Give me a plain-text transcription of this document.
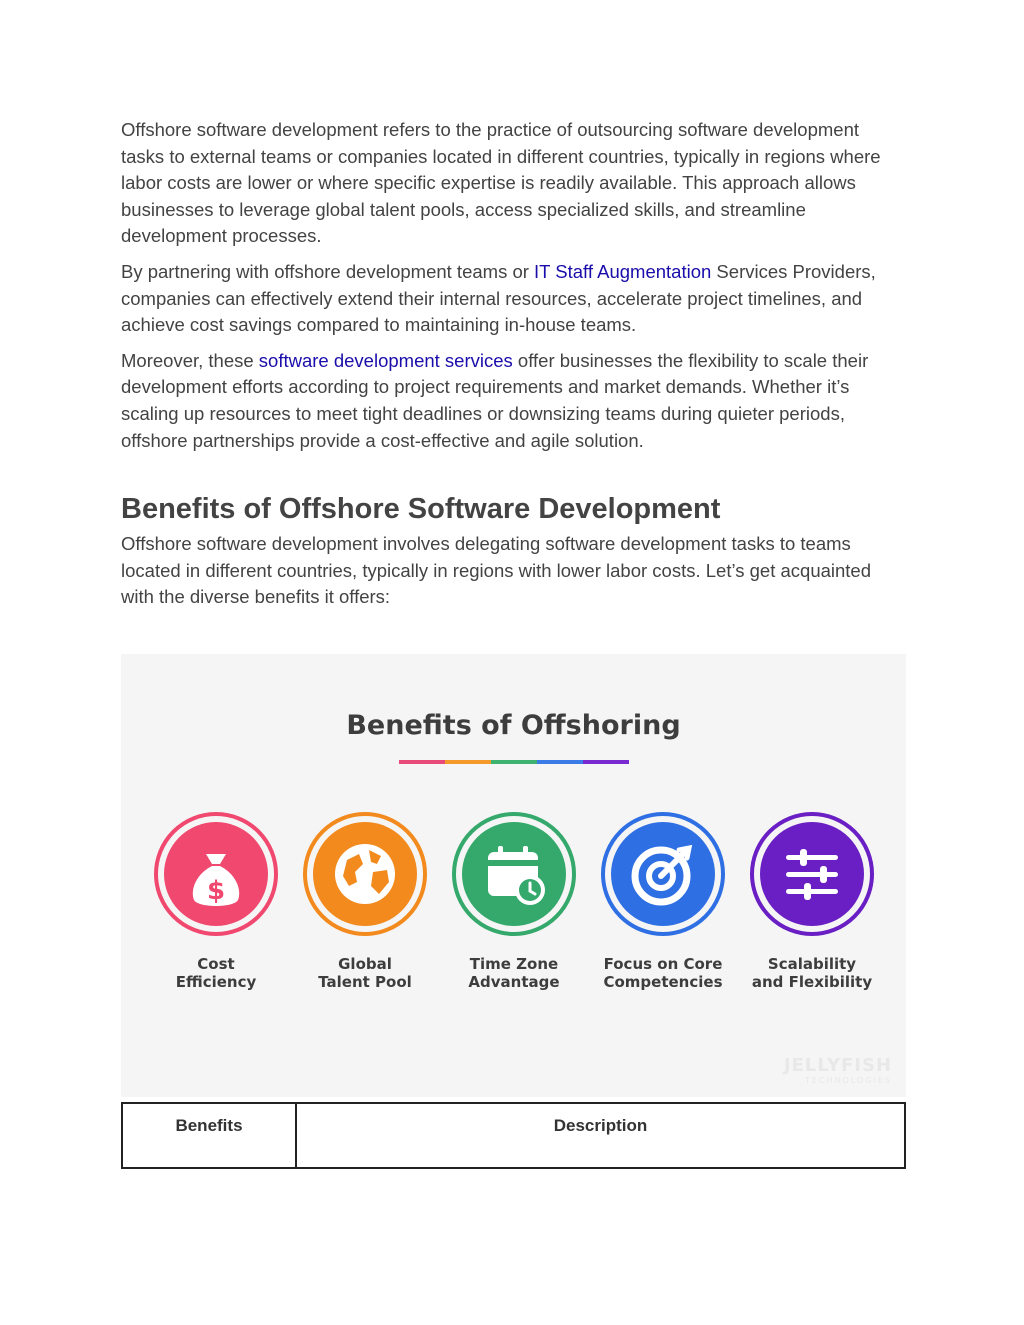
Offshore software development refers to the practice of outsourcing software development tasks to external teams or companies located in different countries, typically in regions where labor costs are lower or where specific expertise is readily available. This approach allows businesses to leverage global talent pools, access specialized skills, and streamline development processes.

By partnering with offshore development teams or IT Staff Augmentation Services Providers, companies can effectively extend their internal resources, accelerate project timelines, and achieve cost savings compared to maintaining in-house teams.

Moreover, these software development services offer businesses the flexibility to scale their development efforts according to project requirements and market demands. Whether it’s scaling up resources to meet tight deadlines or downsizing teams during quieter periods, offshore partnerships provide a cost-effective and agile solution.

Benefits of Offshore Software Development

Offshore software development involves delegating software development tasks to teams located in different countries, typically in regions with lower labor costs. Let’s get acquainted with the diverse benefits it offers:

Benefits of Offshoring
$
Cost
Efficiency
Global
Talent Pool
Time Zone
Advantage
Focus on Core
Competencies
Scalability
and Flexibility
JELLYFISH
TECHNOLOGIES
Benefits	Description
